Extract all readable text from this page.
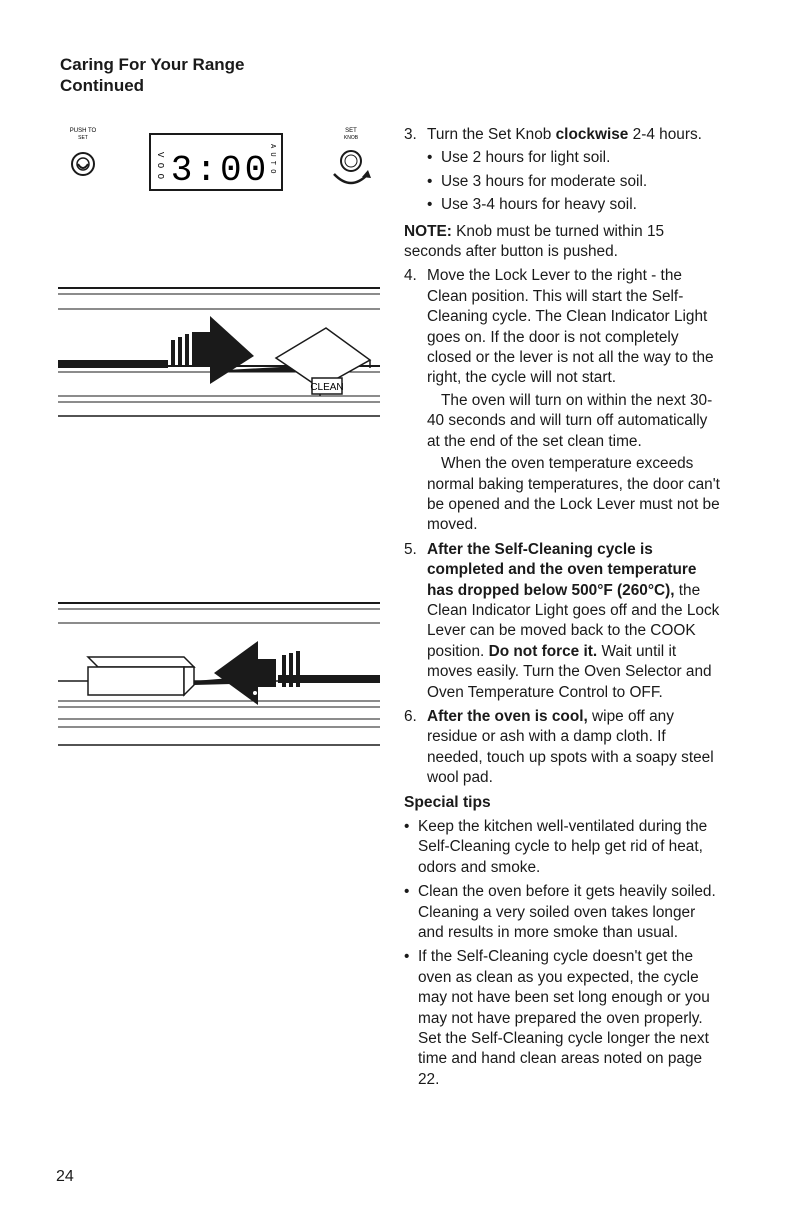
Caring For Your Range
Continued
PUSH TO
SET
V O O 3:00
A U T O
SET
KNOB
CLEAN
24
3. Turn the Set Knob clockwise 2-4 hours.
• Use 2 hours for light soil.
• Use 3 hours for moderate soil.
• Use 3-4 hours for heavy soil.
NOTE: Knob must be turned within 15 seconds after button is pushed.
4. Move the Lock Lever to the right - the Clean position. This will start the Self-Cleaning cycle. The Clean Indicator Light goes on. If the door is not completely closed or the lever is not all the way to the right, the cycle will not start.
The oven will turn on within the next 30-40 seconds and will turn off automatically at the end of the set clean time.
When the oven temperature exceeds normal baking temperatures, the door can't be opened and the Lock Lever must not be moved.
5. After the Self-Cleaning cycle is completed and the oven temperature has dropped below 500°F (260°C), the Clean Indicator Light goes off and the Lock Lever can be moved back to the COOK position. Do not force it. Wait until it moves easily. Turn the Oven Selector and Oven Temperature Control to OFF.
6. After the oven is cool, wipe off any residue or ash with a damp cloth. If needed, touch up spots with a soapy steel wool pad.
Special tips
• Keep the kitchen well-ventilated during the Self-Cleaning cycle to help get rid of heat, odors and smoke.
• Clean the oven before it gets heavily soiled. Cleaning a very soiled oven takes longer and results in more smoke than usual.
• If the Self-Cleaning cycle doesn't get the oven as clean as you expected, the cycle may not have been set long enough or you may not have prepared the oven properly. Set the Self-Cleaning cycle longer the next time and hand clean areas noted on page 22.
